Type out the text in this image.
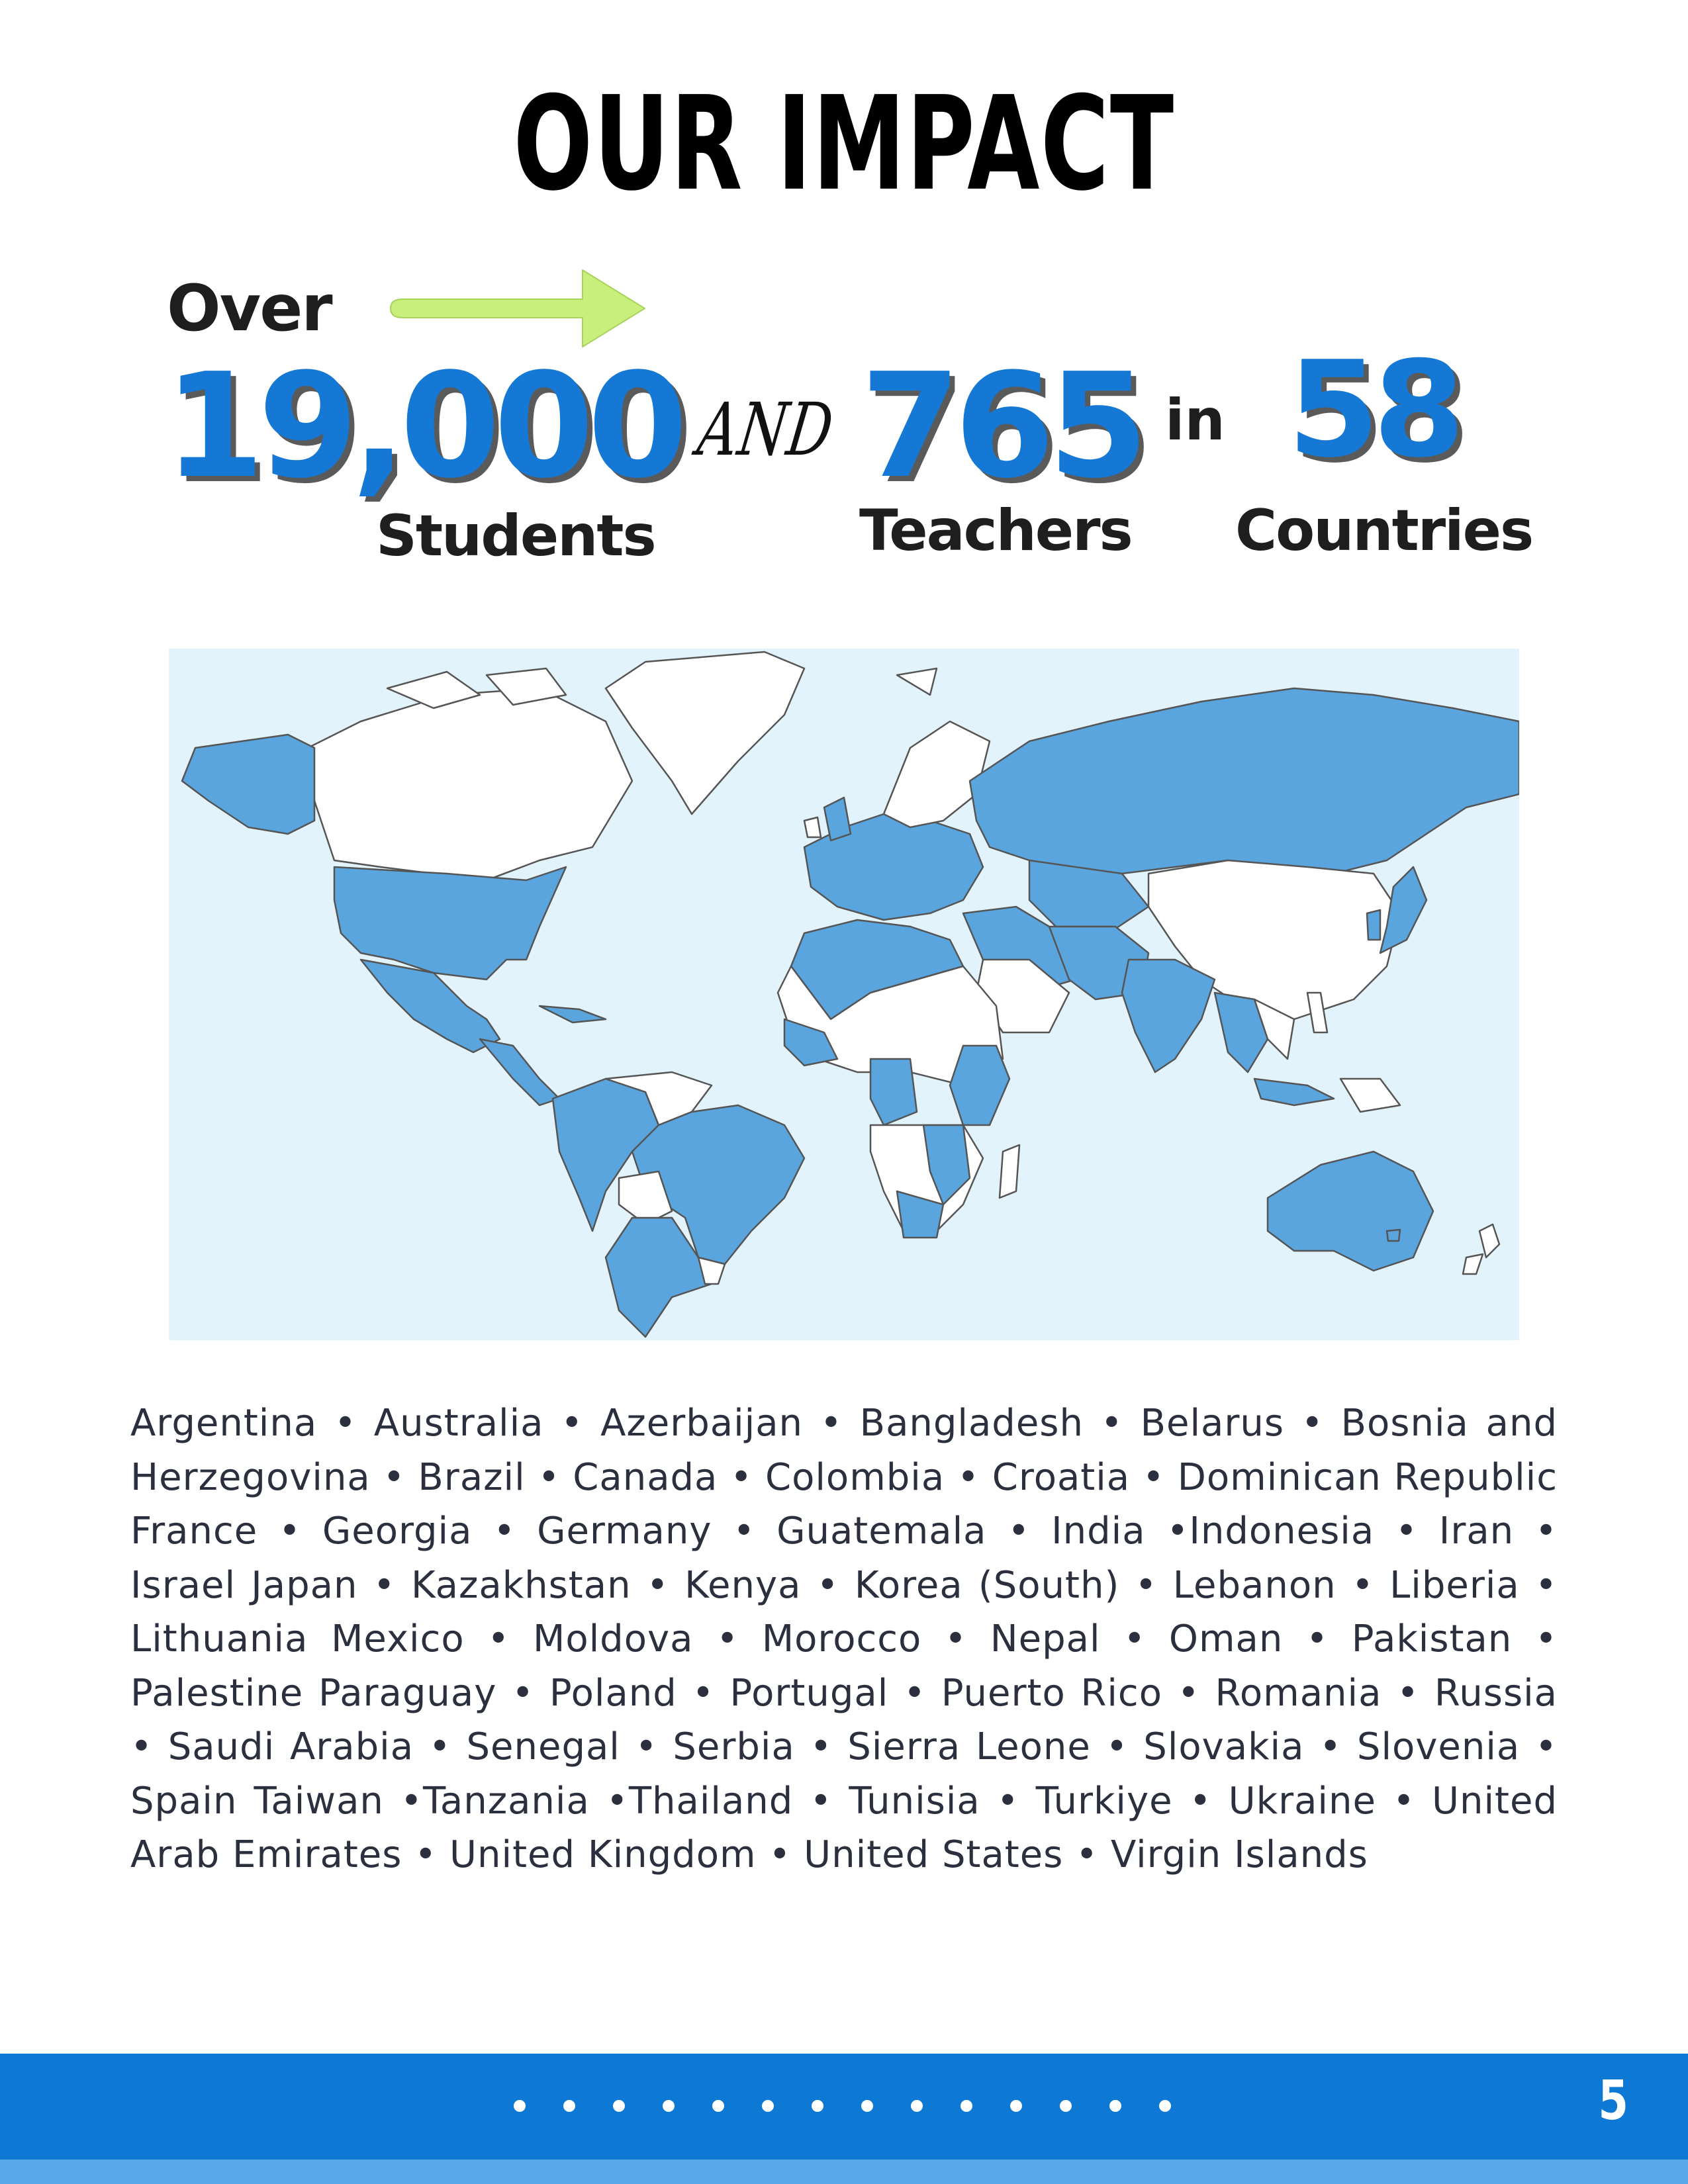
OUR IMPACT
Over
19,000 AND 765 in 58
Students	Teachers Countries

Argentina • Australia • Azerbaijan • Bangladesh • Belarus • Bosnia and Herzegovina • Brazil • Canada • Colombia • Croatia • Dominican Republic France • Georgia • Germany • Guatemala • India •Indonesia • Iran • Israel Japan • Kazakhstan • Kenya • Korea (South) • Lebanon • Liberia • Lithuania Mexico • Moldova • Morocco • Nepal • Oman • Pakistan • Palestine Paraguay • Poland • Portugal • Puerto Rico • Romania • Russia • Saudi Arabia • Senegal • Serbia • Sierra Leone • Slovakia • Slovenia • Spain Taiwan •Tanzania •Thailand • Tunisia • Turkiye • Ukraine • United Arab Emirates • United Kingdom • United States • Virgin Islands

5
